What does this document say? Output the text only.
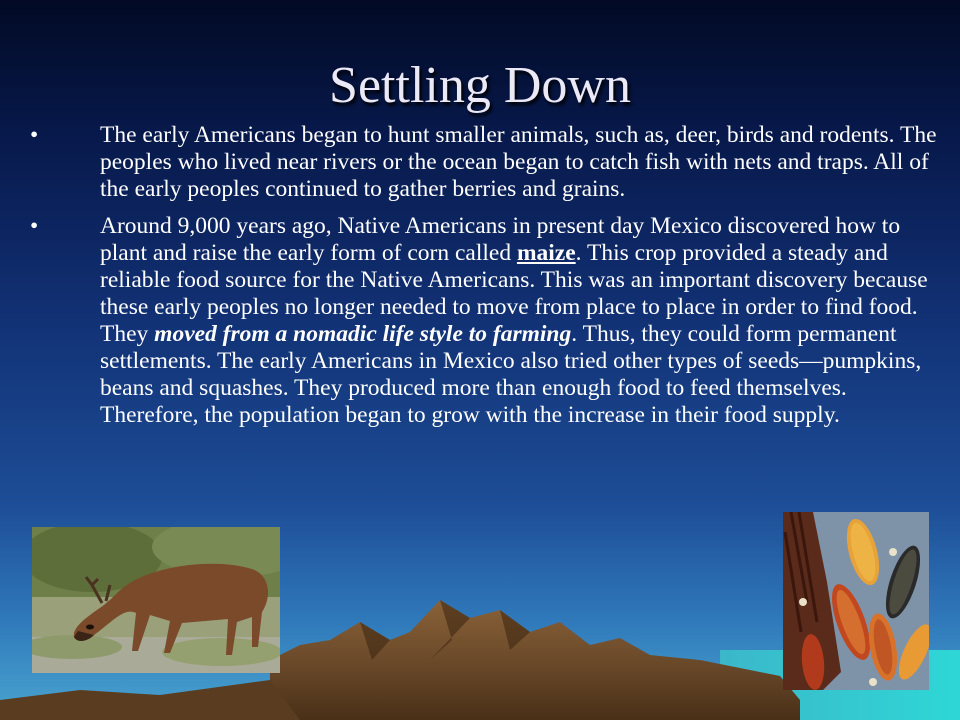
Settling Down
•	The early Americans began to hunt smaller animals, such as, deer, birds and rodents. The peoples who lived near rivers or the ocean began to catch fish with nets and traps. All of the early peoples continued to gather berries and grains.
•	Around 9,000 years ago, Native Americans in present day Mexico discovered how to plant and raise the early form of corn called maize. This crop provided a steady and reliable food source for the Native Americans. This was an important discovery because these early peoples no longer needed to move from place to place in order to find food. They moved from a nomadic life style to farming. Thus, they could form permanent settlements. The early Americans in Mexico also tried other types of seeds—pumpkins, beans and squashes. They produced more than enough food to feed themselves. Therefore, the population began to grow with the increase in their food supply.
